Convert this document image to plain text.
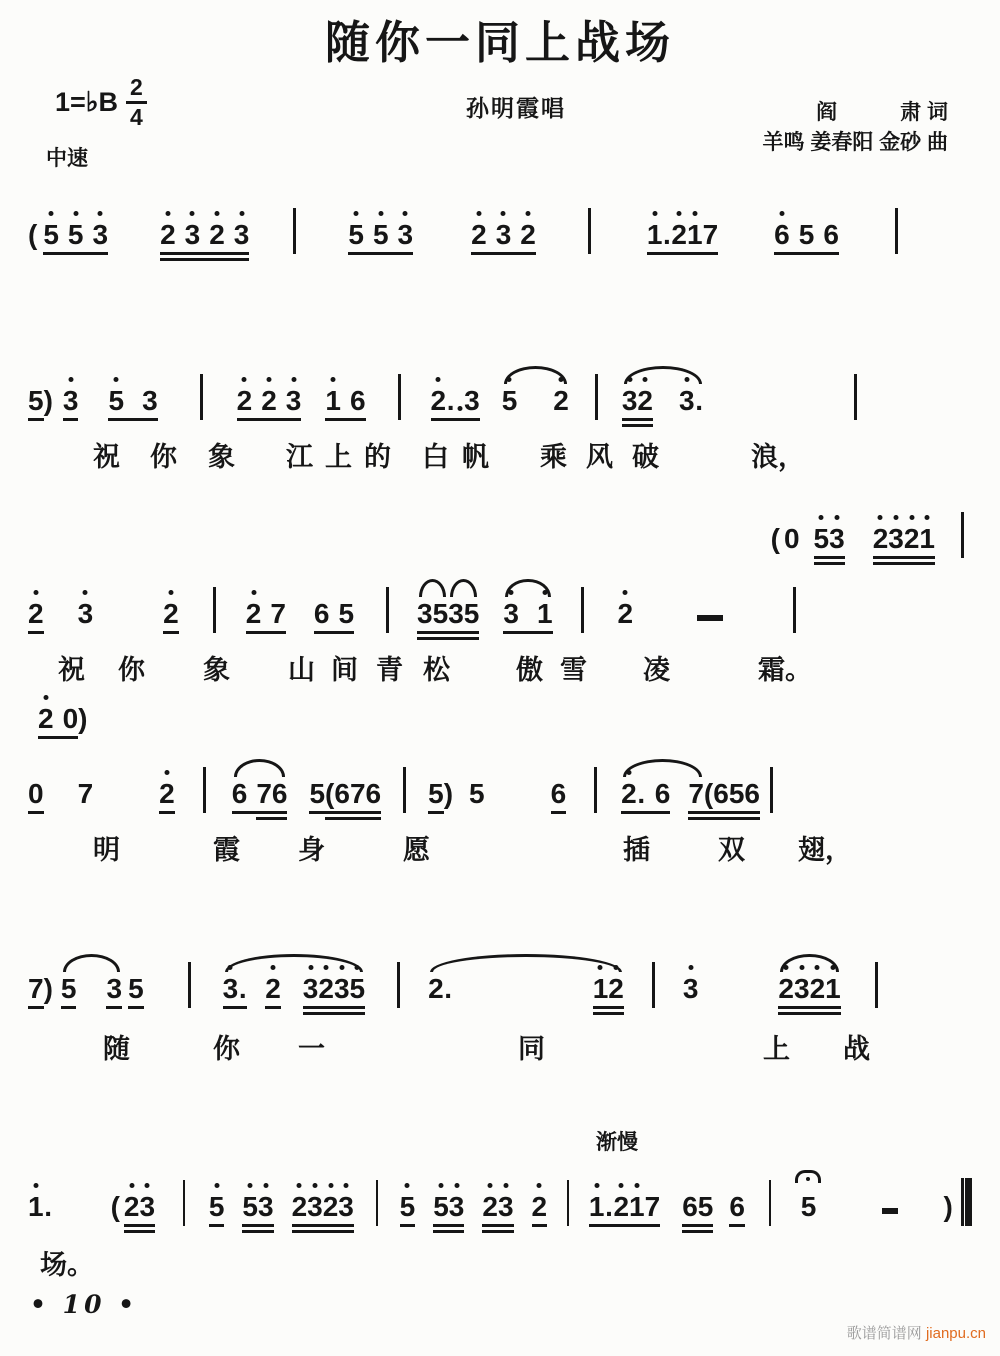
随你一同上战场
1=♭B $\frac{2}{4}$	孙明霞唱	阎　　　肃 词
羊鸣 姜春阳 金砂 曲
中速
( 5 5 3 2 3 2 3	5 5 3 2 3 2	1 . 2 1 7 6 5 6
5 ) 3 5 3	2 2 3 1 6 2 . 3 5 2 3 2 3 .
祝 你 象 江 上 的 白 帆 乘 风 破	浪，
( 0 5 3 2 3 2 1
2 3	2 2 7 6 5 3 5 3 5 3 1 2
祝 你 象 山 间 青 松 傲 雪 凌	霜。
2 0 )
0 7 2 6 7 6 5 ( 6 7 6 5 ) 5 6 2 . 6 7 ( 6 5 6
明	霞 身	愿	插	双 翅，
7 ) 5 3 5	3 . 2 3 2 3 5 2 .	1 2 3	2 3 2 1
随	你 一	同	上 战
渐慢
1 . ( 2 3 5 5 3 2 3 2 3 5 5 3 2 3 2 1 . 2 1 7 6 5 6 5	)
场。
• 10 •
歌谱简谱网 jianpu.cn
